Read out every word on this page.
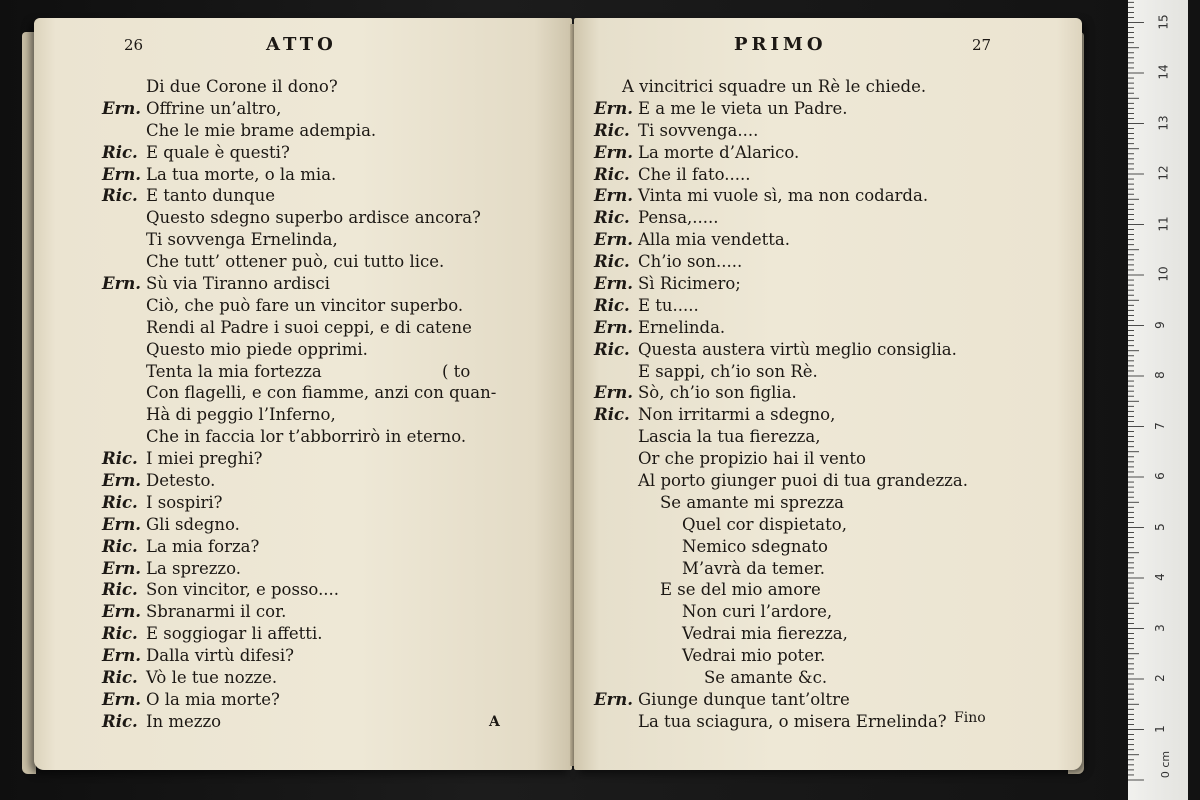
26	ATTO
Di due Corone il dono?
Ern. Offrine un’altro,
Che le mie brame adempia.
Ric. E quale è questi?
Ern. La tua morte, o la mia.
Ric. E tanto dunque
Questo sdegno superbo ardisce ancora?
Ti sovvenga Ernelinda,
Che tutt’ ottener può, cui tutto lice.
Ern. Sù via Tiranno ardisci
Ciò, che può fare un vincitor superbo.
Rendi al Padre i suoi ceppi, e di catene
Questo mio piede opprimi.
Tenta la mia fortezza	( to
Con flagelli, e con fiamme, anzi con quan-
Hà di peggio l’Inferno,
Che in faccia lor t’abborrirò in eterno.
Ric. I miei preghi?
Ern. Detesto.
Ric. I sospiri?
Ern. Gli sdegno.
Ric. La mia forza?
Ern. La sprezzo.
Ric. Son vincitor, e posso....
Ern. Sbranarmi il cor.
Ric. E soggiogar li affetti.
Ern. Dalla virtù difesi?
Ric. Vò le tue nozze.
Ern. O la mia morte?
Ric. In mezzo	A
PRIMO	27
A vincitrici squadre un Rè le chiede.
Ern. E a me le vieta un Padre.
Ric. Ti sovvenga....
Ern. La morte d’Alarico.
Ric. Che il fato.....
Ern. Vinta mi vuole sì, ma non codarda.
Ric. Pensa,.....
Ern. Alla mia vendetta.
Ric. Ch’io son.....
Ern. Sì Ricimero;
Ric. E tu.....
Ern. Ernelinda.
Ric. Questa austera virtù meglio consiglia.
E sappi, ch’io son Rè.
Ern. Sò, ch’io son figlia.
Ric. Non irritarmi a sdegno,
Lascia la tua fierezza,
Or che propizio hai il vento
Al porto giunger puoi di tua grandezza.
Se amante mi sprezza
Quel cor dispietato,
Nemico sdegnato
M’avrà da temer.
E se del mio amore
Non curi l’ardore,
Vedrai mia fierezza,
Vedrai mio poter.
Se amante &c.
Ern. Giunge dunque tant’oltre
La tua sciagura, o misera Ernelinda? Fino
1
2
3
4
5
6
7
8
9
10
11
12
13
14
15
0 cm
